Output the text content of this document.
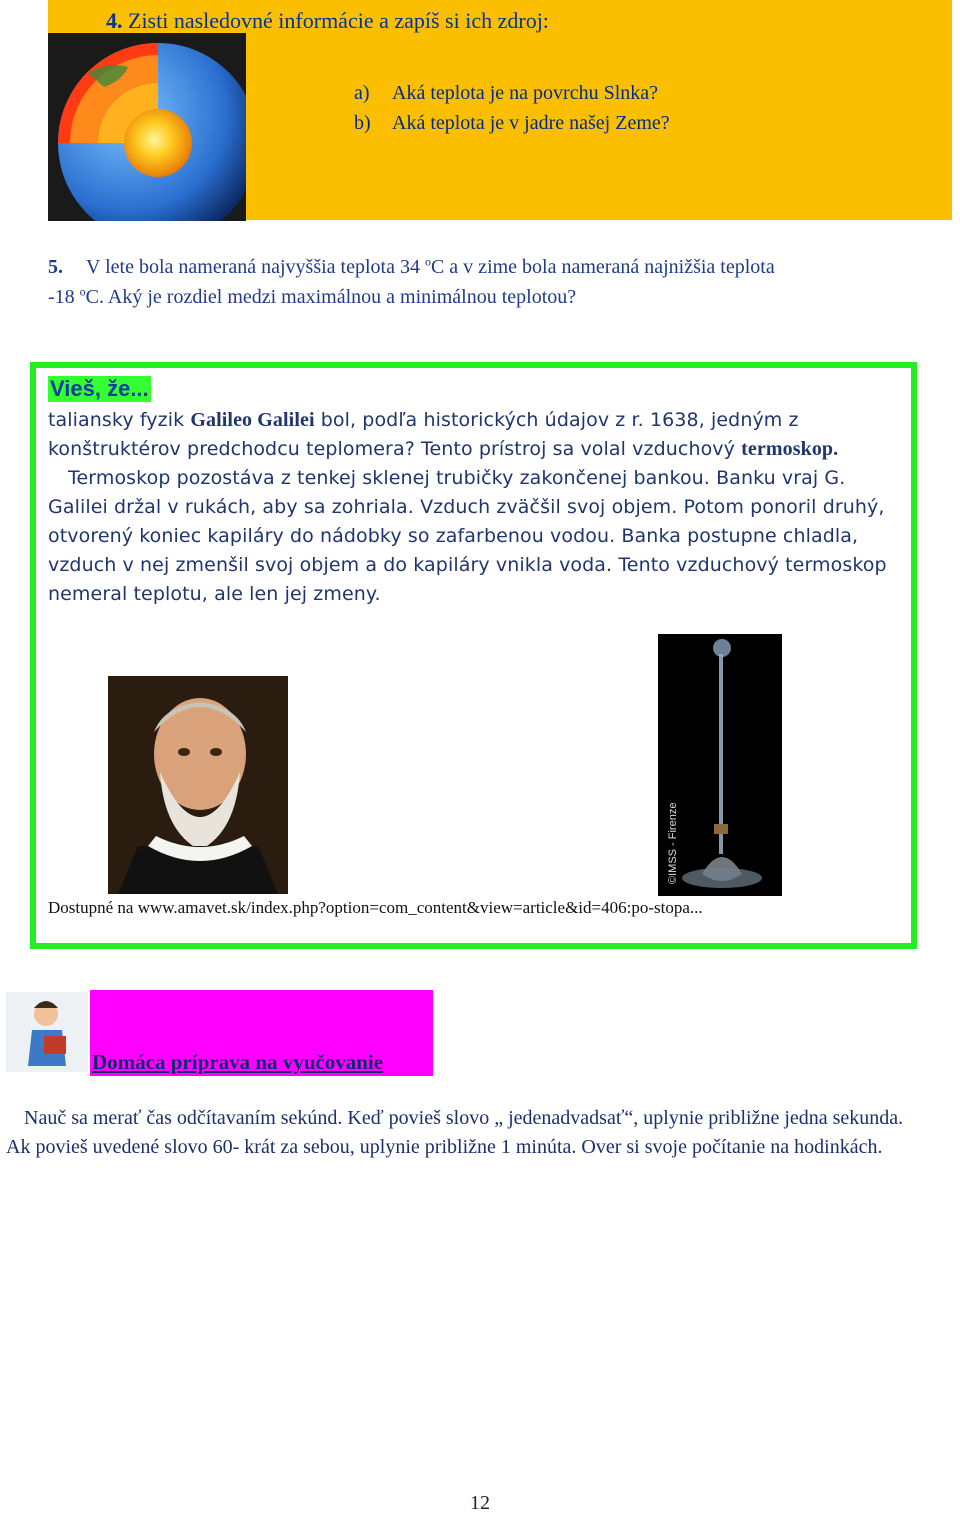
4. Zisti nasledovné informácie a zapíš si ich zdroj:
a) Aká teplota je na povrchu Slnka?
b) Aká teplota je v jadre našej Zeme?
5. V lete bola nameraná najvyššia teplota 34 $^o$C a v zime bola nameraná najnižšia teplota
-18 $^o$C. Aký je rozdiel medzi maximálnou a minimálnou teplotou?
Vieš, že...
taliansky fyzik Galileo Galilei bol, podľa historických údajov z r. 1638, jedným z konštruktérov predchodcu teplomera? Tento prístroj sa volal vzduchový termoskop.
Termoskop pozostáva z tenkej sklenej trubičky zakončenej bankou. Banku vraj G. Galilei držal v rukách, aby sa zohriala. Vzduch zväčšil svoj objem. Potom ponoril druhý, otvorený koniec kapiláry do nádobky so zafarbenou vodou. Banka postupne chladla, vzduch v nej zmenšil svoj objem a do kapiláry vnikla voda. Tento vzduchový termoskop nemeral teplotu, ale len jej zmeny.
©IMSS - Firenze
Dostupné na www.amavet.sk/index.php?option=com_content&view=article&id=406:po-stopa...
Domáca príprava na vyučovanie
Nauč sa merať čas odčítavaním sekúnd. Keď povieš slovo „ jedenadvadsať“, uplynie približne jedna sekunda. Ak povieš uvedené slovo 60- krát za sebou, uplynie približne 1 minúta. Over si svoje počítanie na hodinkách.
12
